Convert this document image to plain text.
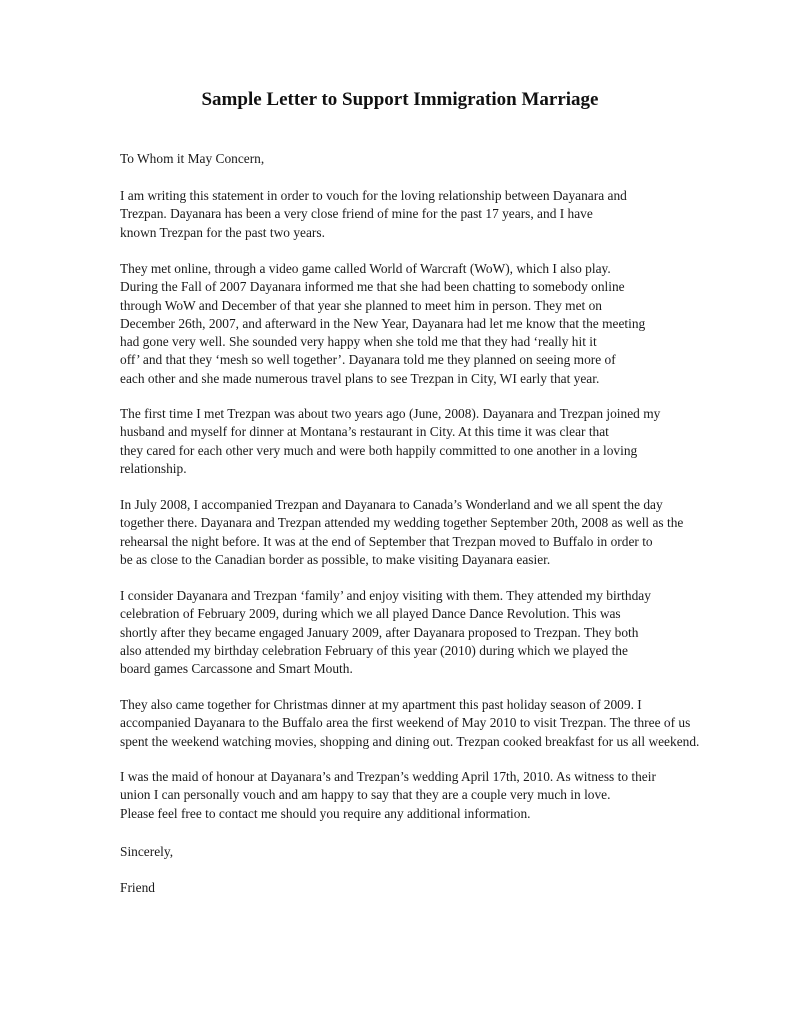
Sample Letter to Support Immigration Marriage
To Whom it May Concern,
I am writing this statement in order to vouch for the loving relationship between Dayanara and
Trezpan. Dayanara has been a very close friend of mine for the past 17 years, and I have
known Trezpan for the past two years.
They met online, through a video game called World of Warcraft (WoW), which I also play.
During the Fall of 2007 Dayanara informed me that she had been chatting to somebody online
through WoW and December of that year she planned to meet him in person. They met on
December 26th, 2007, and afterward in the New Year, Dayanara had let me know that the meeting
had gone very well. She sounded very happy when she told me that they had ‘really hit it
off’ and that they ‘mesh so well together’. Dayanara told me they planned on seeing more of
each other and she made numerous travel plans to see Trezpan in City, WI early that year.
The first time I met Trezpan was about two years ago (June, 2008). Dayanara and Trezpan joined my
husband and myself for dinner at Montana’s restaurant in City. At this time it was clear that
they cared for each other very much and were both happily committed to one another in a loving
relationship.
In July 2008, I accompanied Trezpan and Dayanara to Canada’s Wonderland and we all spent the day
together there. Dayanara and Trezpan attended my wedding together September 20th, 2008 as well as the
rehearsal the night before. It was at the end of September that Trezpan moved to Buffalo in order to
be as close to the Canadian border as possible, to make visiting Dayanara easier.
I consider Dayanara and Trezpan ‘family’ and enjoy visiting with them. They attended my birthday
celebration of February 2009, during which we all played Dance Dance Revolution. This was
shortly after they became engaged January 2009, after Dayanara proposed to Trezpan. They both
also attended my birthday celebration February of this year (2010) during which we played the
board games Carcassone and Smart Mouth.
They also came together for Christmas dinner at my apartment this past holiday season of 2009. I
accompanied Dayanara to the Buffalo area the first weekend of May 2010 to visit Trezpan. The three of us
spent the weekend watching movies, shopping and dining out. Trezpan cooked breakfast for us all weekend.
I was the maid of honour at Dayanara’s and Trezpan’s wedding April 17th, 2010. As witness to their
union I can personally vouch and am happy to say that they are a couple very much in love.
Please feel free to contact me should you require any additional information.
Sincerely,
Friend
